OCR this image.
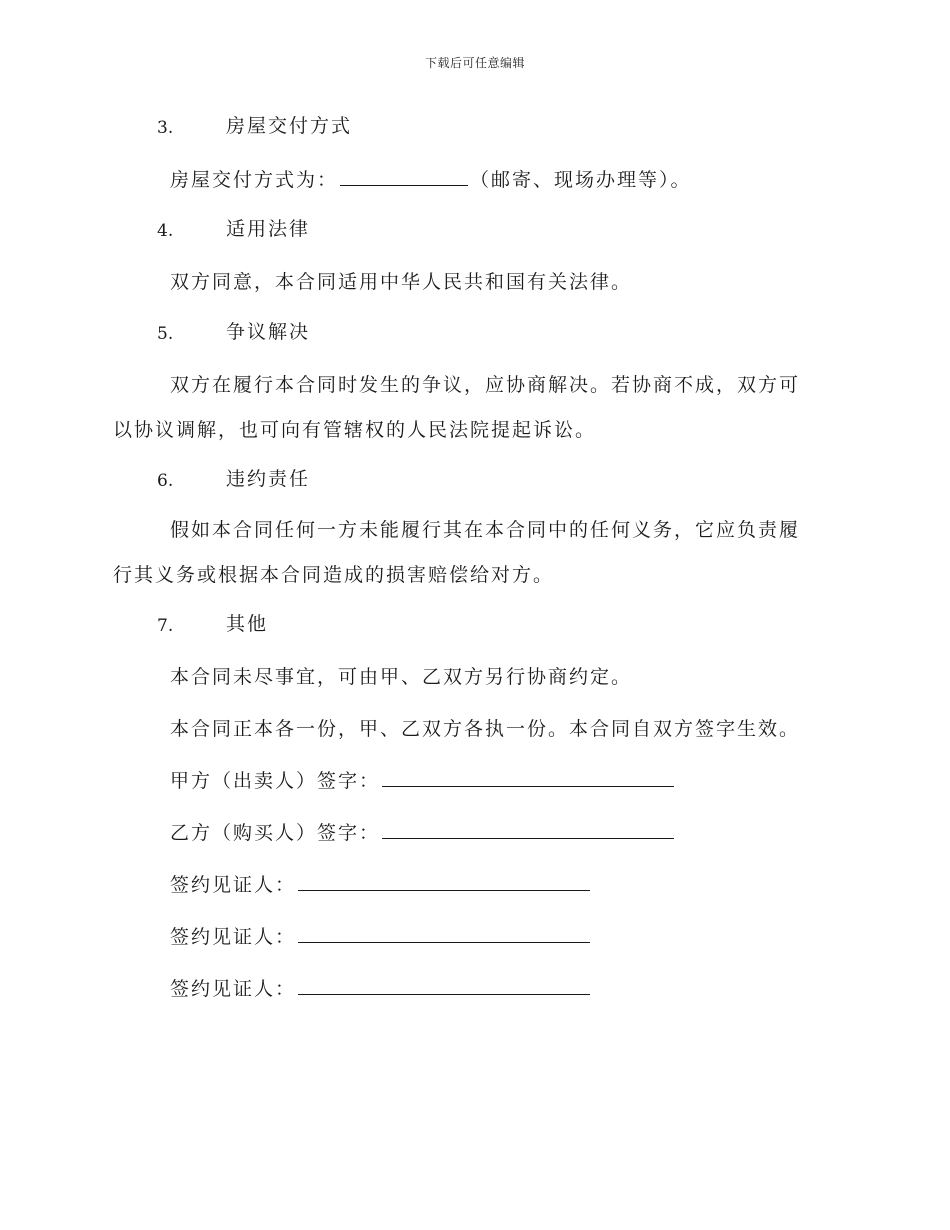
下载后可任意编辑
3.	房屋交付方式
房屋交付方式为：	（邮寄、现场办理等）。
4.	适用法律
双方同意，本合同适用中华人民共和国有关法律。
5.	争议解决
双方在履行本合同时发生的争议，应协商解决。若协商不成，双方可
以协议调解，也可向有管辖权的人民法院提起诉讼。
6.	违约责任
假如本合同任何一方未能履行其在本合同中的任何义务，它应负责履
行其义务或根据本合同造成的损害赔偿给对方。
7.	其他
本合同未尽事宜，可由甲、乙双方另行协商约定。
本合同正本各一份，甲、乙双方各执一份。本合同自双方签字生效。
甲方（出卖人）签字：
乙方（购买人）签字：
签约见证人：
签约见证人：
签约见证人：
